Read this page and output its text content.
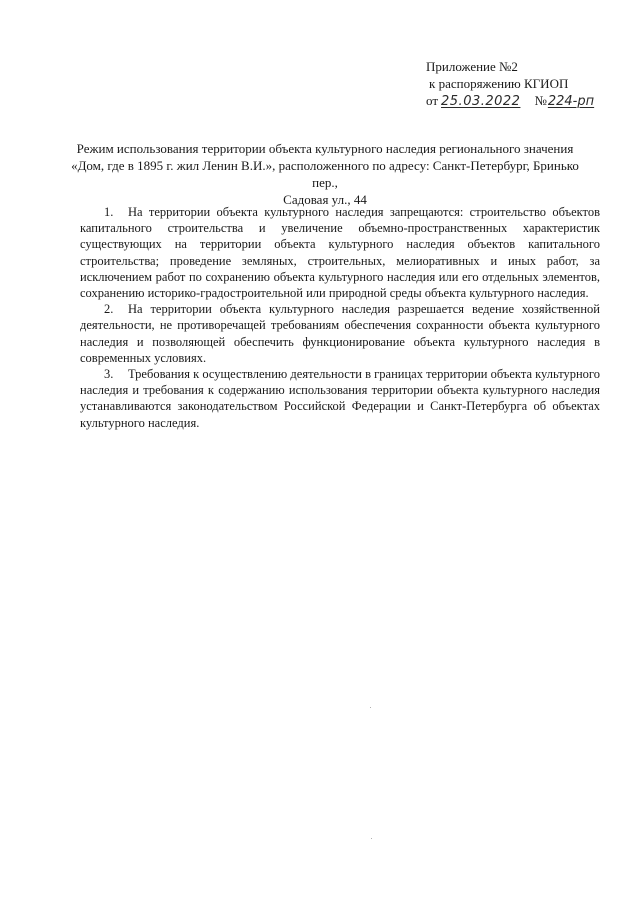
Приложение №2
к распоряжению КГИОП
от 25.03.2022 №224-рп
Режим использования территории объекта культурного наследия регионального значения
«Дом, где в 1895 г. жил Ленин В.И.», расположенного по адресу: Санкт-Петербург, Бринько пер.,
Садовая ул., 44

1. На территории объекта культурного наследия запрещаются: строительство объектов капитального строительства и увеличение объемно-пространственных характеристик существующих на территории объекта культурного наследия объектов капитального строительства; проведение земляных, строительных, мелиоративных и иных работ, за исключением работ по сохранению объекта культурного наследия или его отдельных элементов, сохранению историко-градостроительной или природной среды объекта культурного наследия.

2. На территории объекта культурного наследия разрешается ведение хозяйственной деятельности, не противоречащей требованиям обеспечения сохранности объекта культурного наследия и позволяющей обеспечить функционирование объекта культурного наследия в современных условиях.

3. Требования к осуществлению деятельности в границах территории объекта культурного наследия и требования к содержанию использования территории объекта культурного наследия устанавливаются законодательством Российской Федерации и Санкт-Петербурга об объектах культурного наследия.
